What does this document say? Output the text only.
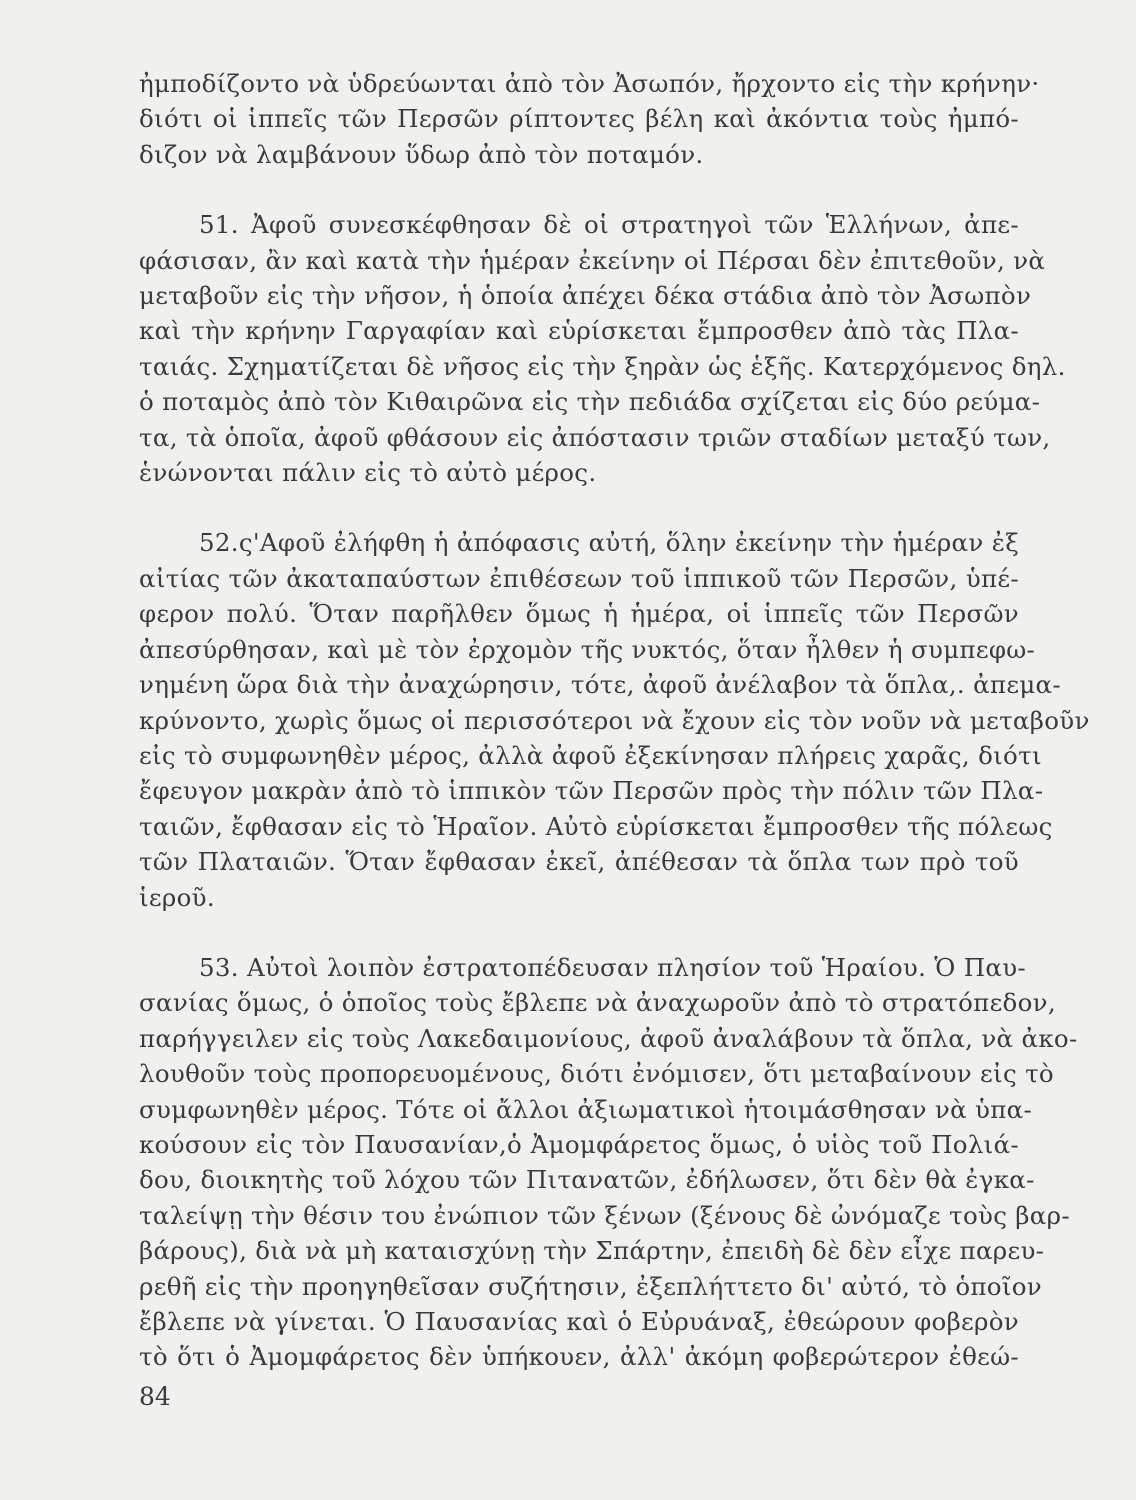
ἠμποδίζοντο νὰ ὑδρεύωνται ἀπὸ τὸν Ἀσωπόν, ἤρχοντο εἰς τὴν κρήνην·
διότι οἱ ἱππεῖς τῶν Περσῶν ρίπτοντες βέλη καὶ ἀκόντια τοὺς ἠμπό-
διζον νὰ λαμβάνουν ὕδωρ ἀπὸ τὸν ποταμόν.

51. Ἀφοῦ συνεσκέφθησαν δὲ οἱ στρατηγοὶ τῶν Ἑλλήνων, ἀπε-
φάσισαν, ἂν καὶ κατὰ τὴν ἡμέραν ἐκείνην οἱ Πέρσαι δὲν ἐπιτεθοῦν, νὰ
μεταβοῦν εἰς τὴν νῆσον, ἡ ὁποία ἀπέχει δέκα στάδια ἀπὸ τὸν Ἀσωπὸν
καὶ τὴν κρήνην Γαργαφίαν καὶ εὑρίσκεται ἔμπροσθεν ἀπὸ τὰς Πλα-
ταιάς. Σχηματίζεται δὲ νῆσος εἰς τὴν ξηρὰν ὡς ἑξῆς. Κατερχόμενος δηλ.
ὁ ποταμὸς ἀπὸ τὸν Κιθαιρῶνα εἰς τὴν πεδιάδα σχίζεται εἰς δύο ρεύμα-
τα, τὰ ὁποῖα, ἀφοῦ φθάσουν εἰς ἀπόστασιν τριῶν σταδίων μεταξύ των,
ἑνώνονται πάλιν εἰς τὸ αὐτὸ μέρος.

52.ς'Αφοῦ ἐλήφθη ἡ ἀπόφασις αὐτή, ὅλην ἐκείνην τὴν ἡμέραν ἐξ
αἰτίας τῶν ἀκαταπαύστων ἐπιθέσεων τοῦ ἱππικοῦ τῶν Περσῶν, ὑπέ-
φερον πολύ. Ὅταν παρῆλθεν ὅμως ἡ ἡμέρα, οἱ ἱππεῖς τῶν Περσῶν
ἀπεσύρθησαν, καὶ μὲ τὸν ἐρχομὸν τῆς νυκτός, ὅταν ἦλθεν ἡ συμπεφω-
νημένη ὥρα διὰ τὴν ἀναχώρησιν, τότε, ἀφοῦ ἀνέλαβον τὰ ὅπλα,. ἀπεμα-
κρύνοντο, χωρὶς ὅμως οἱ περισσότεροι νὰ ἔχουν εἰς τὸν νοῦν νὰ μεταβοῦν
εἰς τὸ συμφωνηθὲν μέρος, ἀλλὰ ἀφοῦ ἐξεκίνησαν πλήρεις χαρᾶς, διότι
ἔφευγον μακρὰν ἀπὸ τὸ ἱππικὸν τῶν Περσῶν πρὸς τὴν πόλιν τῶν Πλα-
ταιῶν, ἔφθασαν εἰς τὸ Ἡραῖον. Αὐτὸ εὑρίσκεται ἔμπροσθεν τῆς πόλεως
τῶν Πλαταιῶν. Ὅταν ἔφθασαν ἐκεῖ, ἀπέθεσαν τὰ ὅπλα των πρὸ τοῦ
ἱεροῦ.

53. Αὐτοὶ λοιπὸν ἐστρατοπέδευσαν πλησίον τοῦ Ἡραίου. Ὁ Παυ-
σανίας ὅμως, ὁ ὁποῖος τοὺς ἔβλεπε νὰ ἀναχωροῦν ἀπὸ τὸ στρατόπεδον,
παρήγγειλεν εἰς τοὺς Λακεδαιμονίους, ἀφοῦ ἀναλάβουν τὰ ὅπλα, νὰ ἀκο-
λουθοῦν τοὺς προπορευομένους, διότι ἐνόμισεν, ὅτι μεταβαίνουν εἰς τὸ
συμφωνηθὲν μέρος. Τότε οἱ ἄλλοι ἀξιωματικοὶ ἡτοιμάσθησαν νὰ ὑπα-
κούσουν εἰς τὸν Παυσανίαν,ὁ Ἀμομφάρετος ὅμως, ὁ υἱὸς τοῦ Πολιά-
δου, διοικητὴς τοῦ λόχου τῶν Πιτανατῶν, ἐδήλωσεν, ὅτι δὲν θὰ ἐγκα-
ταλείψῃ τὴν θέσιν του ἐνώπιον τῶν ξένων (ξένους δὲ ὠνόμαζε τοὺς βαρ-
βάρους), διὰ νὰ μὴ καταισχύνῃ τὴν Σπάρτην, ἐπειδὴ δὲ δὲν εἶχε παρευ-
ρεθῆ εἰς τὴν προηγηθεῖσαν συζήτησιν, ἐξεπλήττετο δι' αὐτό, τὸ ὁποῖον
ἔβλεπε νὰ γίνεται. Ὁ Παυσανίας καὶ ὁ Εὐρυάναξ, ἐθεώρουν φοβερὸν
τὸ ὅτι ὁ Ἀμομφάρετος δὲν ὑπήκουεν, ἀλλ' ἀκόμη φοβερώτερον ἐθεώ-

84
